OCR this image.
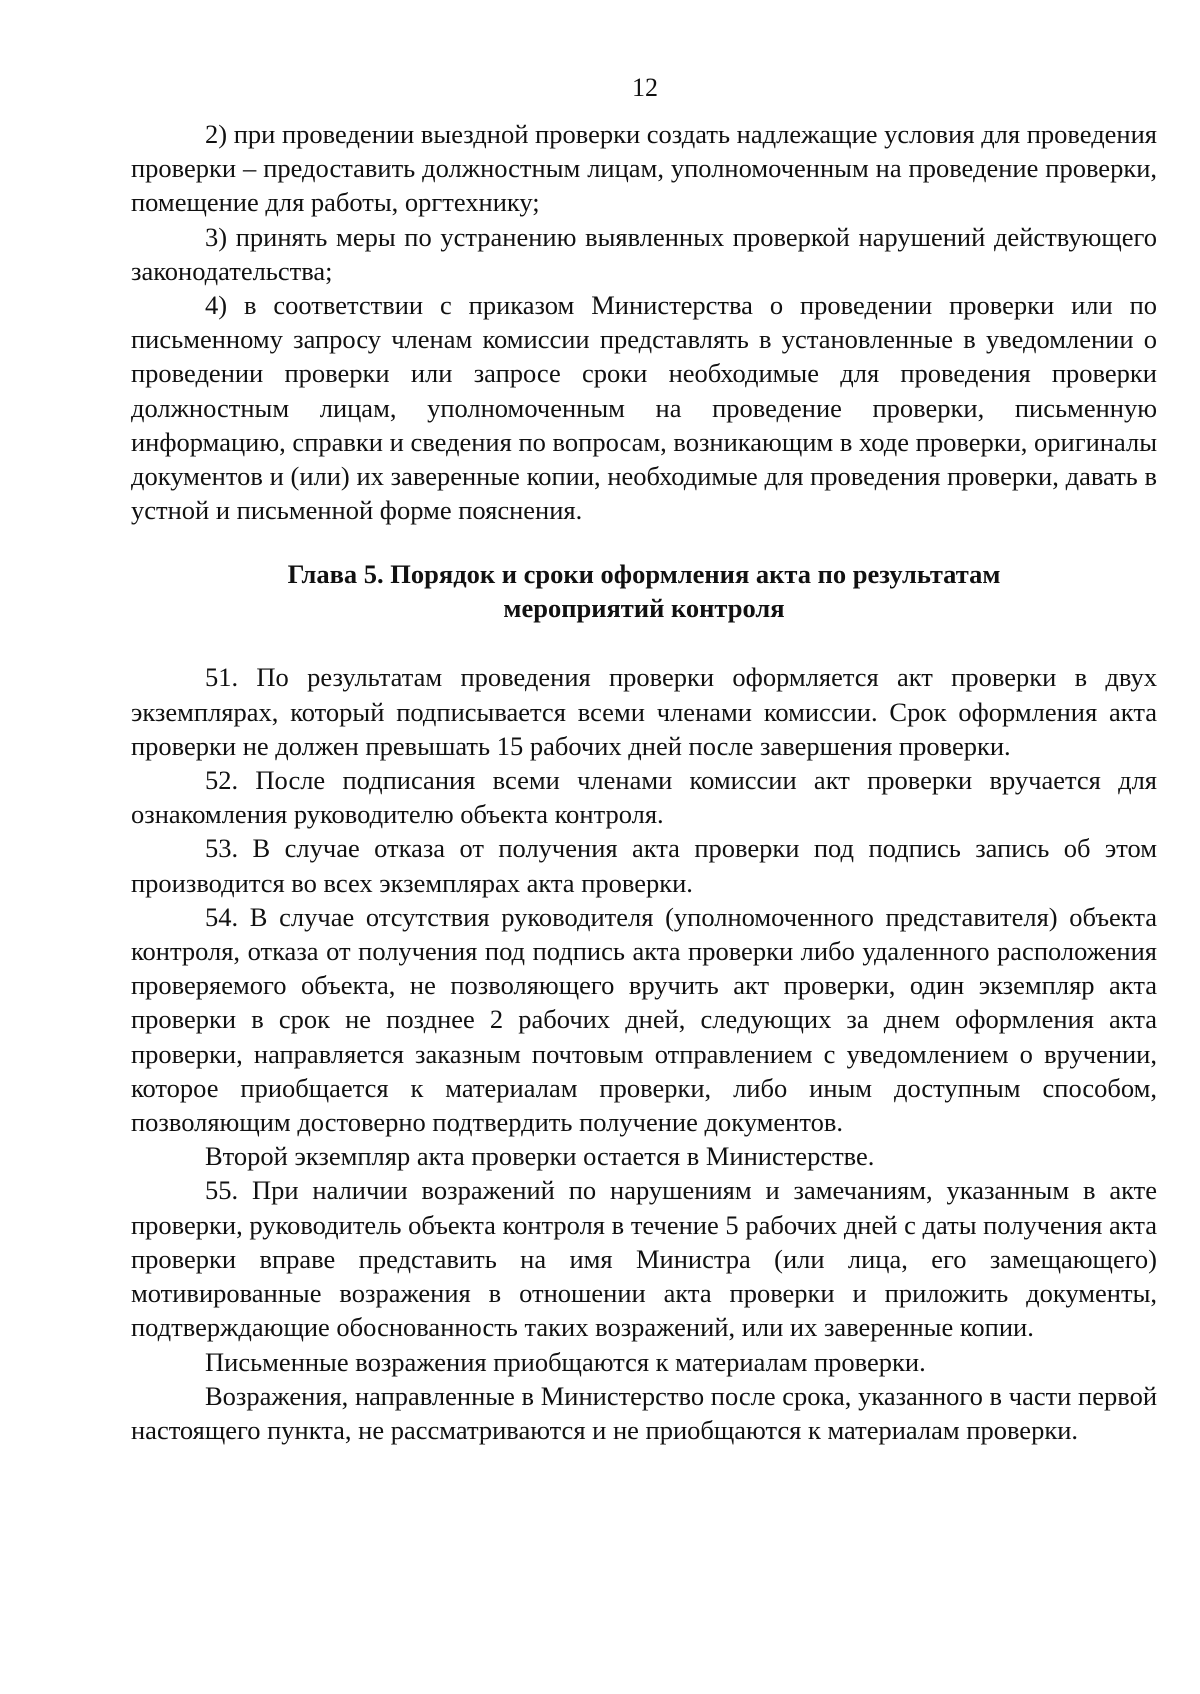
12

2) при проведении выездной проверки создать надлежащие условия для проведения проверки – предоставить должностным лицам, уполномоченным на проведение проверки, помещение для работы, оргтехнику;

3) принять меры по устранению выявленных проверкой нарушений действующего законодательства;

4) в соответствии с приказом Министерства о проведении проверки или по письменному запросу членам комиссии представлять в установленные в уведомлении о проведении проверки или запросе сроки необходимые для проведения проверки должностным лицам, уполномоченным на проведение проверки, письменную информацию, справки и сведения по вопросам, возникающим в ходе проверки, оригиналы документов и (или) их заверенные копии, необходимые для проведения проверки, давать в устной и письменной форме пояснения.

Глава 5. Порядок и сроки оформления акта по результатам
мероприятий контроля

51. По результатам проведения проверки оформляется акт проверки в двух экземплярах, который подписывается всеми членами комиссии. Срок оформления акта проверки не должен превышать 15 рабочих дней после завершения проверки.

52. После подписания всеми членами комиссии акт проверки вручается для ознакомления руководителю объекта контроля.

53. В случае отказа от получения акта проверки под подпись запись об этом производится во всех экземплярах акта проверки.

54. В случае отсутствия руководителя (уполномоченного представителя) объекта контроля, отказа от получения под подпись акта проверки либо удаленного расположения проверяемого объекта, не позволяющего вручить акт проверки, один экземпляр акта проверки в срок не позднее 2 рабочих дней, следующих за днем оформления акта проверки, направляется заказным почтовым отправлением с уведомлением о вручении, которое приобщается к материалам проверки, либо иным доступным способом, позволяющим достоверно подтвердить получение документов.

Второй экземпляр акта проверки остается в Министерстве.

55. При наличии возражений по нарушениям и замечаниям, указанным в акте проверки, руководитель объекта контроля в течение 5 рабочих дней с даты получения акта проверки вправе представить на имя Министра (или лица, его замещающего) мотивированные возражения в отношении акта проверки и приложить документы, подтверждающие обоснованность таких возражений, или их заверенные копии.

Письменные возражения приобщаются к материалам проверки.

Возражения, направленные в Министерство после срока, указанного в части первой настоящего пункта, не рассматриваются и не приобщаются к материалам проверки.
